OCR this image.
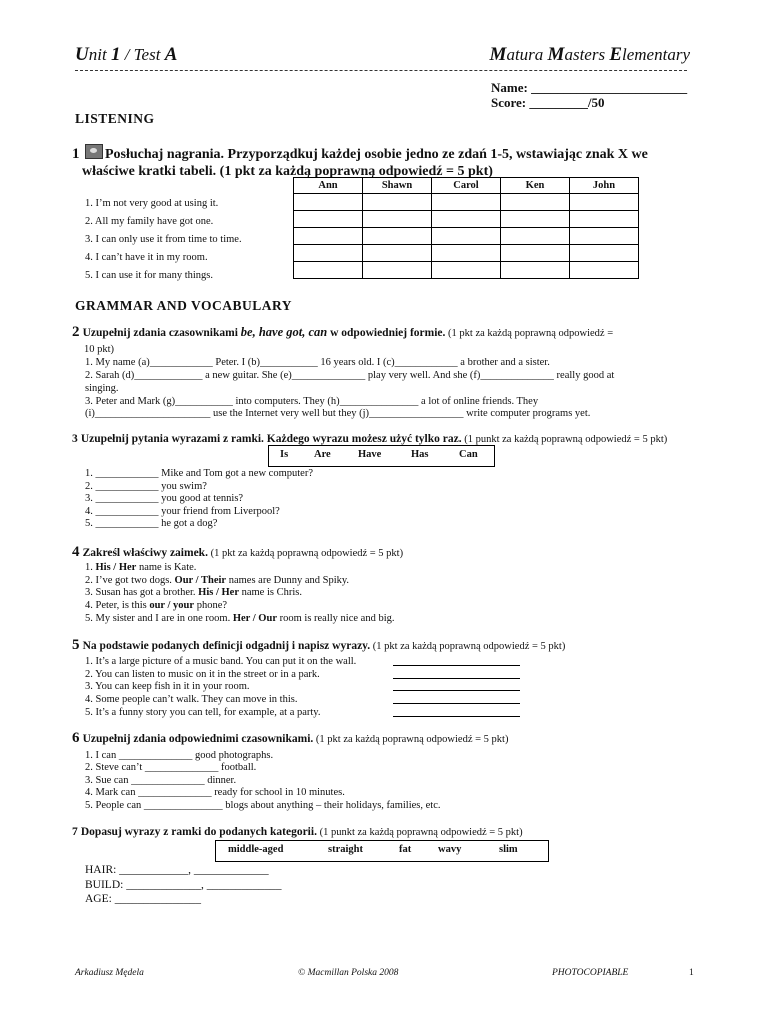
Unit 1 / Test A	Matura Masters Elementary
Name: ________________________
Score: _________/50
LISTENING
1 Posłuchaj nagrania. Przyporządkuj każdej osobie jedno ze zdań 1-5, wstawiając znak X we
właściwe kratki tabeli. (1 pkt za każdą poprawną odpowiedź = 5 pkt)
Ann	Shawn	Carol	Ken	John

1. I’m not very good at using it.
2. All my family have got one.
3. I can only use it from time to time.
4. I can’t have it in my room.
5. I can use it for many things.
GRAMMAR AND VOCABULARY
2 Uzupełnij zdania czasownikami be, have got, can w odpowiedniej formie. (1 pkt za każdą poprawną odpowiedź =
10 pkt)
1. My name (a)____________ Peter. I (b)___________ 16 years old. I (c)____________ a brother and a sister.
2. Sarah (d)_____________ a new guitar. She (e)______________ play very well. And she (f)______________ really good at
singing.
3. Peter and Mark (g)___________ into computers. They (h)_______________ a lot of online friends. They
(i)______________________ use the Internet very well but they (j)__________________ write computer programs yet.
3 Uzupełnij pytania wyrazami z ramki. Każdego wyrazu możesz użyć tylko raz. (1 punkt za każdą poprawną odpowiedź = 5 pkt)
Is Are	Have	Has	Can
1. ____________ Mike and Tom got a new computer?
2. ____________ you swim?
3. ____________ you good at tennis?
4. ____________ your friend from Liverpool?
5. ____________ he got a dog?
4 Zakreśl właściwy zaimek. (1 pkt za każdą poprawną odpowiedź = 5 pkt)
1. His / Her name is Kate.
2. I’ve got two dogs. Our / Their names are Dunny and Spiky.
3. Susan has got a brother. His / Her name is Chris.
4. Peter, is this our / your phone?
5. My sister and I are in one room. Her / Our room is really nice and big.
5 Na podstawie podanych definicji odgadnij i napisz wyrazy. (1 pkt za każdą poprawną odpowiedź = 5 pkt)
1. It’s a large picture of a music band. You can put it on the wall.
2. You can listen to music on it in the street or in a park.
3. You can keep fish in it in your room.
4. Some people can’t walk. They can move in this.
5. It’s a funny story you can tell, for example, at a party.
6 Uzupełnij zdania odpowiednimi czasownikami. (1 pkt za każdą poprawną odpowiedź = 5 pkt)
1. I can ______________ good photographs.
2. Steve can’t ______________ football.
3. Sue can ______________ dinner.
4. Mark can ______________ ready for school in 10 minutes.
5. People can _______________ blogs about anything – their holidays, families, etc.
7 Dopasuj wyrazy z ramki do podanych kategorii. (1 punkt za każdą poprawną odpowiedź = 5 pkt)
middle-aged	straight	fat	wavy	slim
HAIR: ____________, _____________
BUILD: _____________, _____________
AGE: _______________
Arkadiusz Mędela	© Macmillan Polska 2008	PHOTOCOPIABLE	1
